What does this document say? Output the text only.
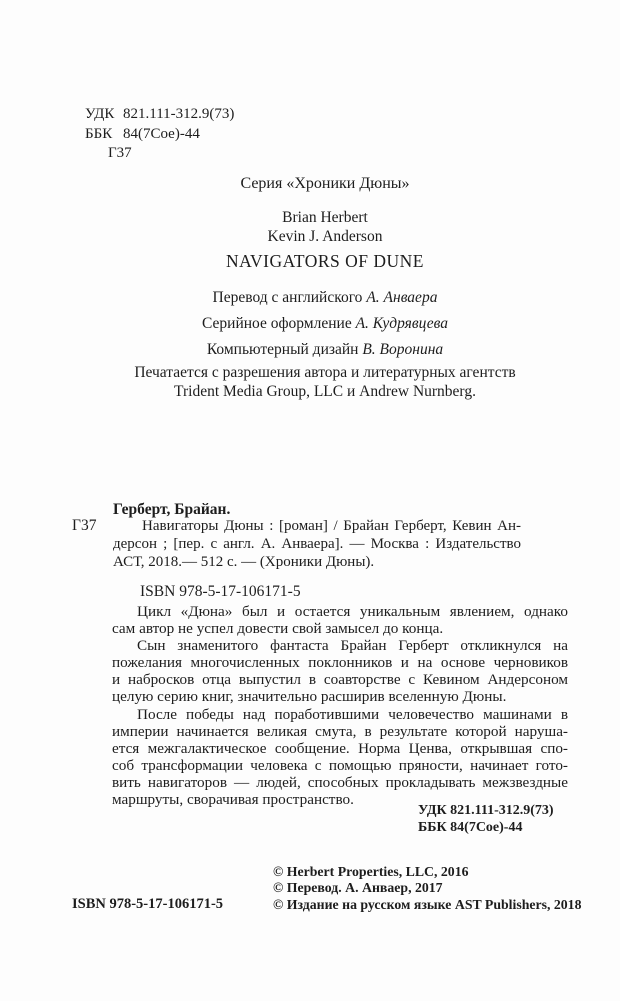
УДК 821.111-312.9(73)
ББК 84(7Сое)-44
Г37
Серия «Хроники Дюны»
Brian Herbert
Kevin J. Anderson
NAVIGATORS OF DUNE
Перевод с английского А. Анваера
Серийное оформление А. Кудрявцева
Компьютерный дизайн В. Воронина
Печатается с разрешения автора и литературных агентств
Trident Media Group, LLC и Andrew Nurnberg.
Герберт, Брайан.
Г37	Навигаторы Дюны : [роман] / Брайан Герберт, Кевин Ан-
дерсон ; [пер. с англ. А. Анваера]. — Москва : Издательство
АСТ, 2018.— 512 с. — (Хроники Дюны).
ISBN 978-5-17-106171-5
Цикл «Дюна» был и остается уникальным явлением, однако
сам автор не успел довести свой замысел до конца.
Сын знаменитого фантаста Брайан Герберт откликнулся на
пожелания многочисленных поклонников и на основе черновиков
и набросков отца выпустил в соавторстве с Кевином Андерсоном
целую серию книг, значительно расширив вселенную Дюны.
После победы над поработившими человечество машинами в
империи начинается великая смута, в результате которой наруша-
ется межгалактическое сообщение. Норма Ценва, открывшая спо-
соб трансформации человека с помощью пряности, начинает гото-
вить навигаторов — людей, способных прокладывать межзвездные
маршруты, сворачивая пространство.
УДК 821.111-312.9(73)
ББК 84(7Сое)-44
© Herbert Properties, LLC, 2016
© Перевод. А. Анваер, 2017
© Издание на русском языке AST Publishers, 2018
ISBN 978-5-17-106171-5
